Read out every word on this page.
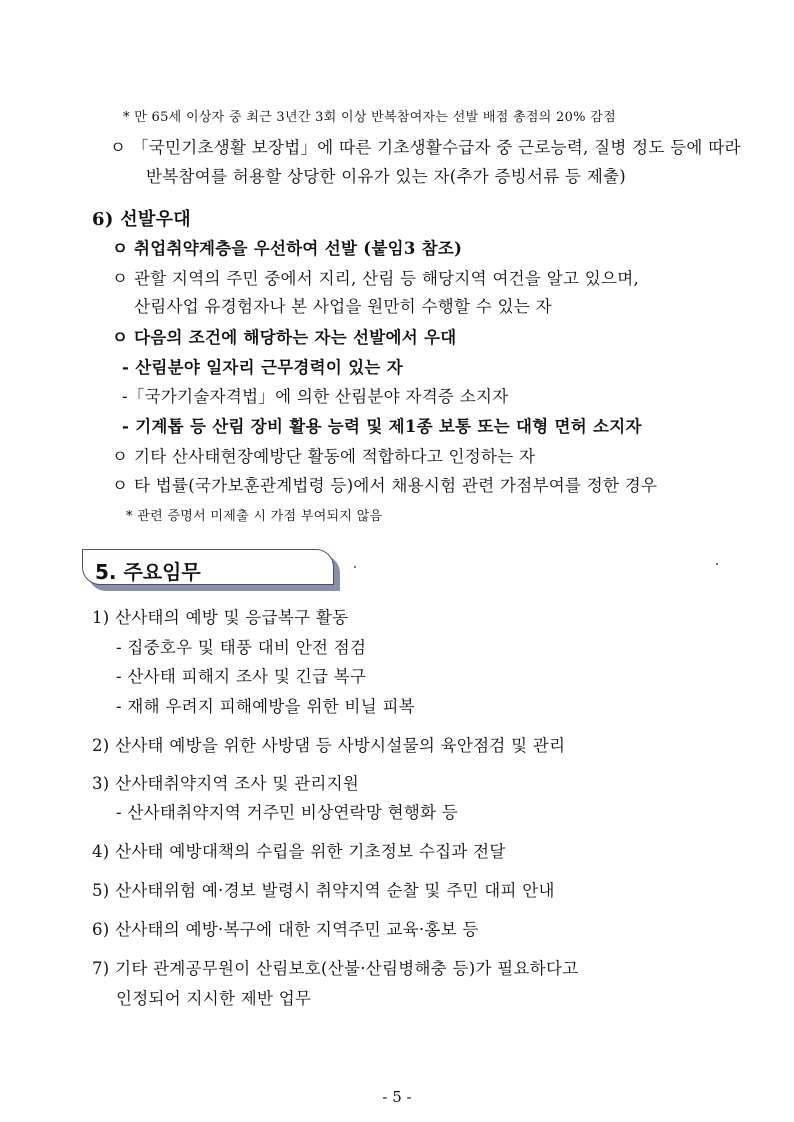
* 만 65세 이상자 중 최근 3년간 3회 이상 반복참여자는 선발 배점 총점의 20% 감점
ㅇ 「국민기초생활 보장법」에 따른 기초생활수급자 중 근로능력, 질병 정도 등에 따라
반복참여를 허용할 상당한 이유가 있는 자(추가 증빙서류 등 제출)
6) 선발우대
ㅇ 취업취약계층을 우선하여 선발 (붙임3 참조)
ㅇ 관할 지역의 주민 중에서 지리, 산림 등 해당지역 여건을 알고 있으며,
산림사업 유경험자나 본 사업을 원만히 수행할 수 있는 자
ㅇ 다음의 조건에 해당하는 자는 선발에서 우대
- 산림분야 일자리 근무경력이 있는 자
-「국가기술자격법」에 의한 산림분야 자격증 소지자
- 기계톱 등 산림 장비 활용 능력 및 제1종 보통 또는 대형 면허 소지자
ㅇ 기타 산사태현장예방단 활동에 적합하다고 인정하는 자
ㅇ 타 법률(국가보훈관계법령 등)에서 채용시험 관련 가점부여를 정한 경우
* 관련 증명서 미제출 시 가점 부여되지 않음
5. 주요임무
1) 산사태의 예방 및 응급복구 활동
- 집중호우 및 태풍 대비 안전 점검
- 산사태 피해지 조사 및 긴급 복구
- 재해 우려지 피해예방을 위한 비닐 피복
2) 산사태 예방을 위한 사방댐 등 사방시설물의 육안점검 및 관리
3) 산사태취약지역 조사 및 관리지원
- 산사태취약지역 거주민 비상연락망 현행화 등
4) 산사태 예방대책의 수립을 위한 기초정보 수집과 전달
5) 산사태위험 예·경보 발령시 취약지역 순찰 및 주민 대피 안내
6) 산사태의 예방·복구에 대한 지역주민 교육·홍보 등
7) 기타 관계공무원이 산림보호(산불·산림병해충 등)가 필요하다고
인정되어 지시한 제반 업무
- 5 -
